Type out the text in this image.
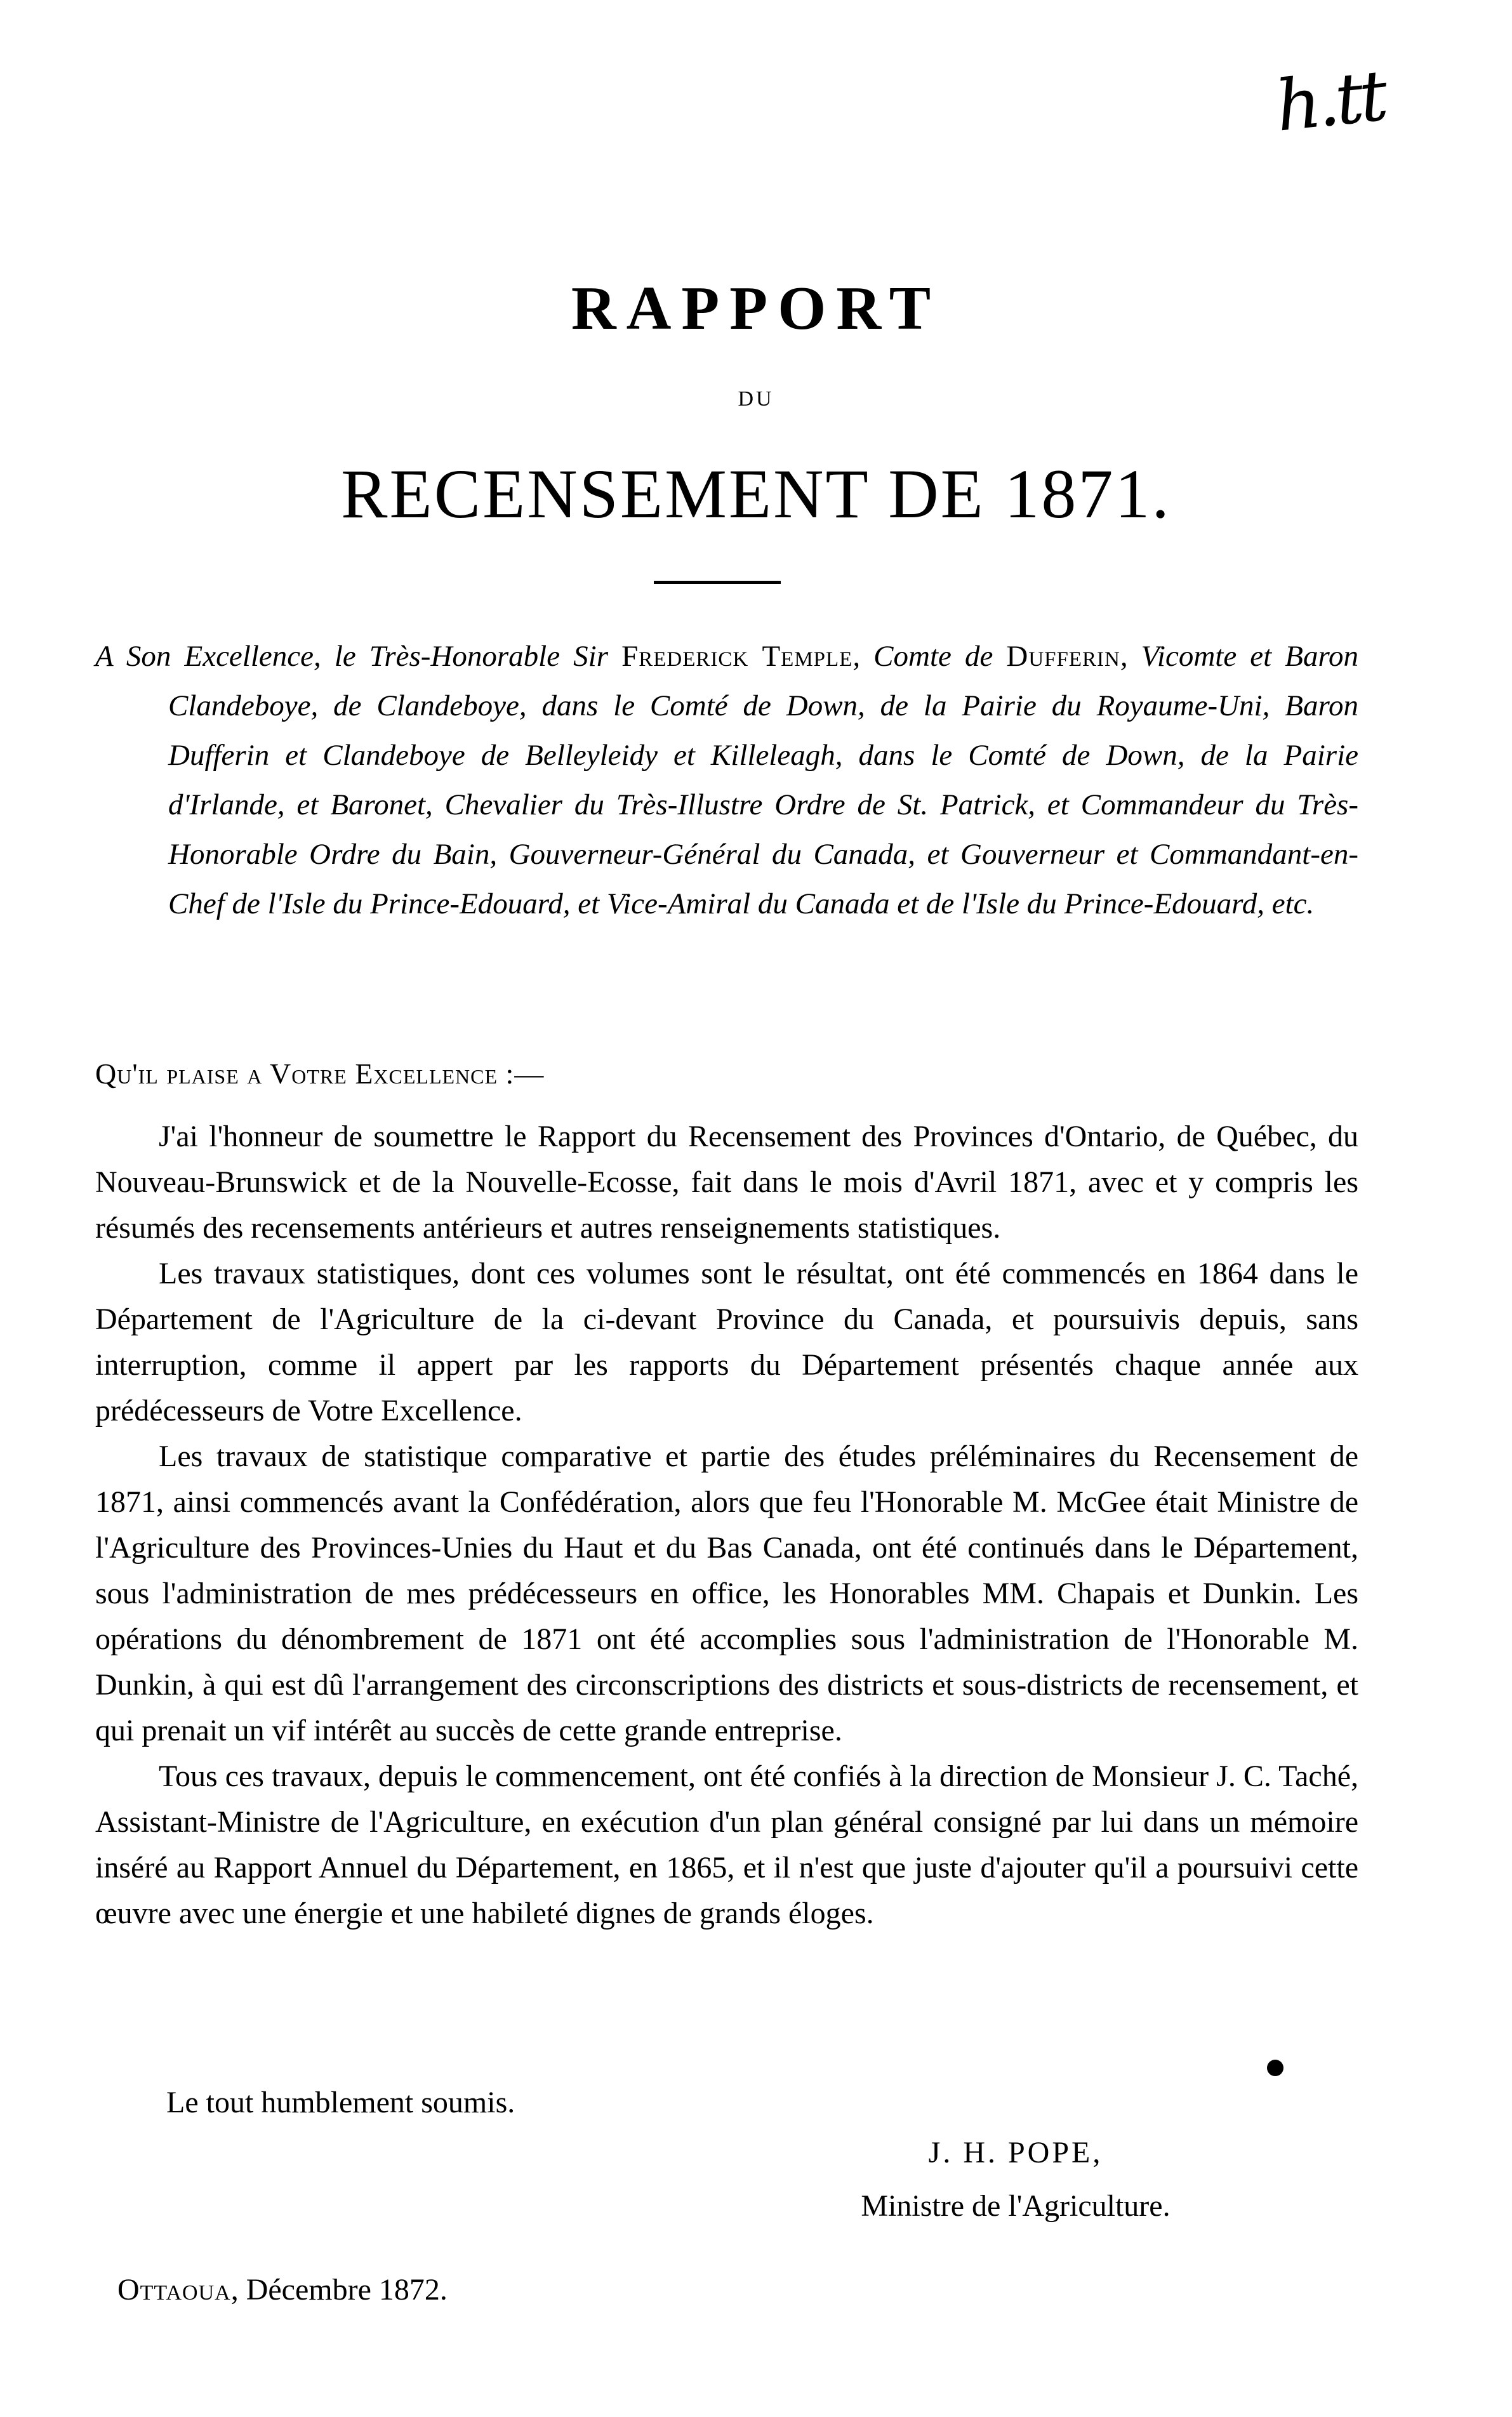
h.tt
RAPPORT
DU
RECENSEMENT DE 1871.
A Son Excellence, le Très-Honorable Sir Frederick Temple, Comte de Dufferin, Vicomte et Baron Clandeboye, de Clandeboye, dans le Comté de Down, de la Pairie du Royaume-Uni, Baron Dufferin et Clandeboye de Belleyleidy et Killeleagh, dans le Comté de Down, de la Pairie d'Irlande, et Baronet, Chevalier du Très-Illustre Ordre de St. Patrick, et Commandeur du Très-Honorable Ordre du Bain, Gouverneur-Général du Canada, et Gouverneur et Commandant-en-Chef de l'Isle du Prince-Edouard, et Vice-Amiral du Canada et de l'Isle du Prince-Edouard, etc.
Qu'il plaise a Votre Excellence :—

J'ai l'honneur de soumettre le Rapport du Recensement des Provinces d'Ontario, de Québec, du Nouveau-Brunswick et de la Nouvelle-Ecosse, fait dans le mois d'Avril 1871, avec et y compris les résumés des recensements antérieurs et autres renseignements statistiques.

Les travaux statistiques, dont ces volumes sont le résultat, ont été commencés en 1864 dans le Département de l'Agriculture de la ci-devant Province du Canada, et poursuivis depuis, sans interruption, comme il appert par les rapports du Département présentés chaque année aux prédécesseurs de Votre Excellence.

Les travaux de statistique comparative et partie des études préléminaires du Recensement de 1871, ainsi commencés avant la Confédération, alors que feu l'Honorable M. McGee était Ministre de l'Agriculture des Provinces-Unies du Haut et du Bas Canada, ont été continués dans le Département, sous l'administration de mes prédécesseurs en office, les Honorables MM. Chapais et Dunkin. Les opérations du dénombrement de 1871 ont été accomplies sous l'administration de l'Honorable M. Dunkin, à qui est dû l'arrangement des circonscriptions des districts et sous-districts de recensement, et qui prenait un vif intérêt au succès de cette grande entreprise.

Tous ces travaux, depuis le commencement, ont été confiés à la direction de Monsieur J. C. Taché, Assistant-Ministre de l'Agriculture, en exécution d'un plan général consigné par lui dans un mémoire inséré au Rapport Annuel du Département, en 1865, et il n'est que juste d'ajouter qu'il a poursuivi cette œuvre avec une énergie et une habileté dignes de grands éloges.

Le tout humblement soumis.
J. H. POPE,
Ministre de l'Agriculture.
Ottaoua, Décembre 1872.
